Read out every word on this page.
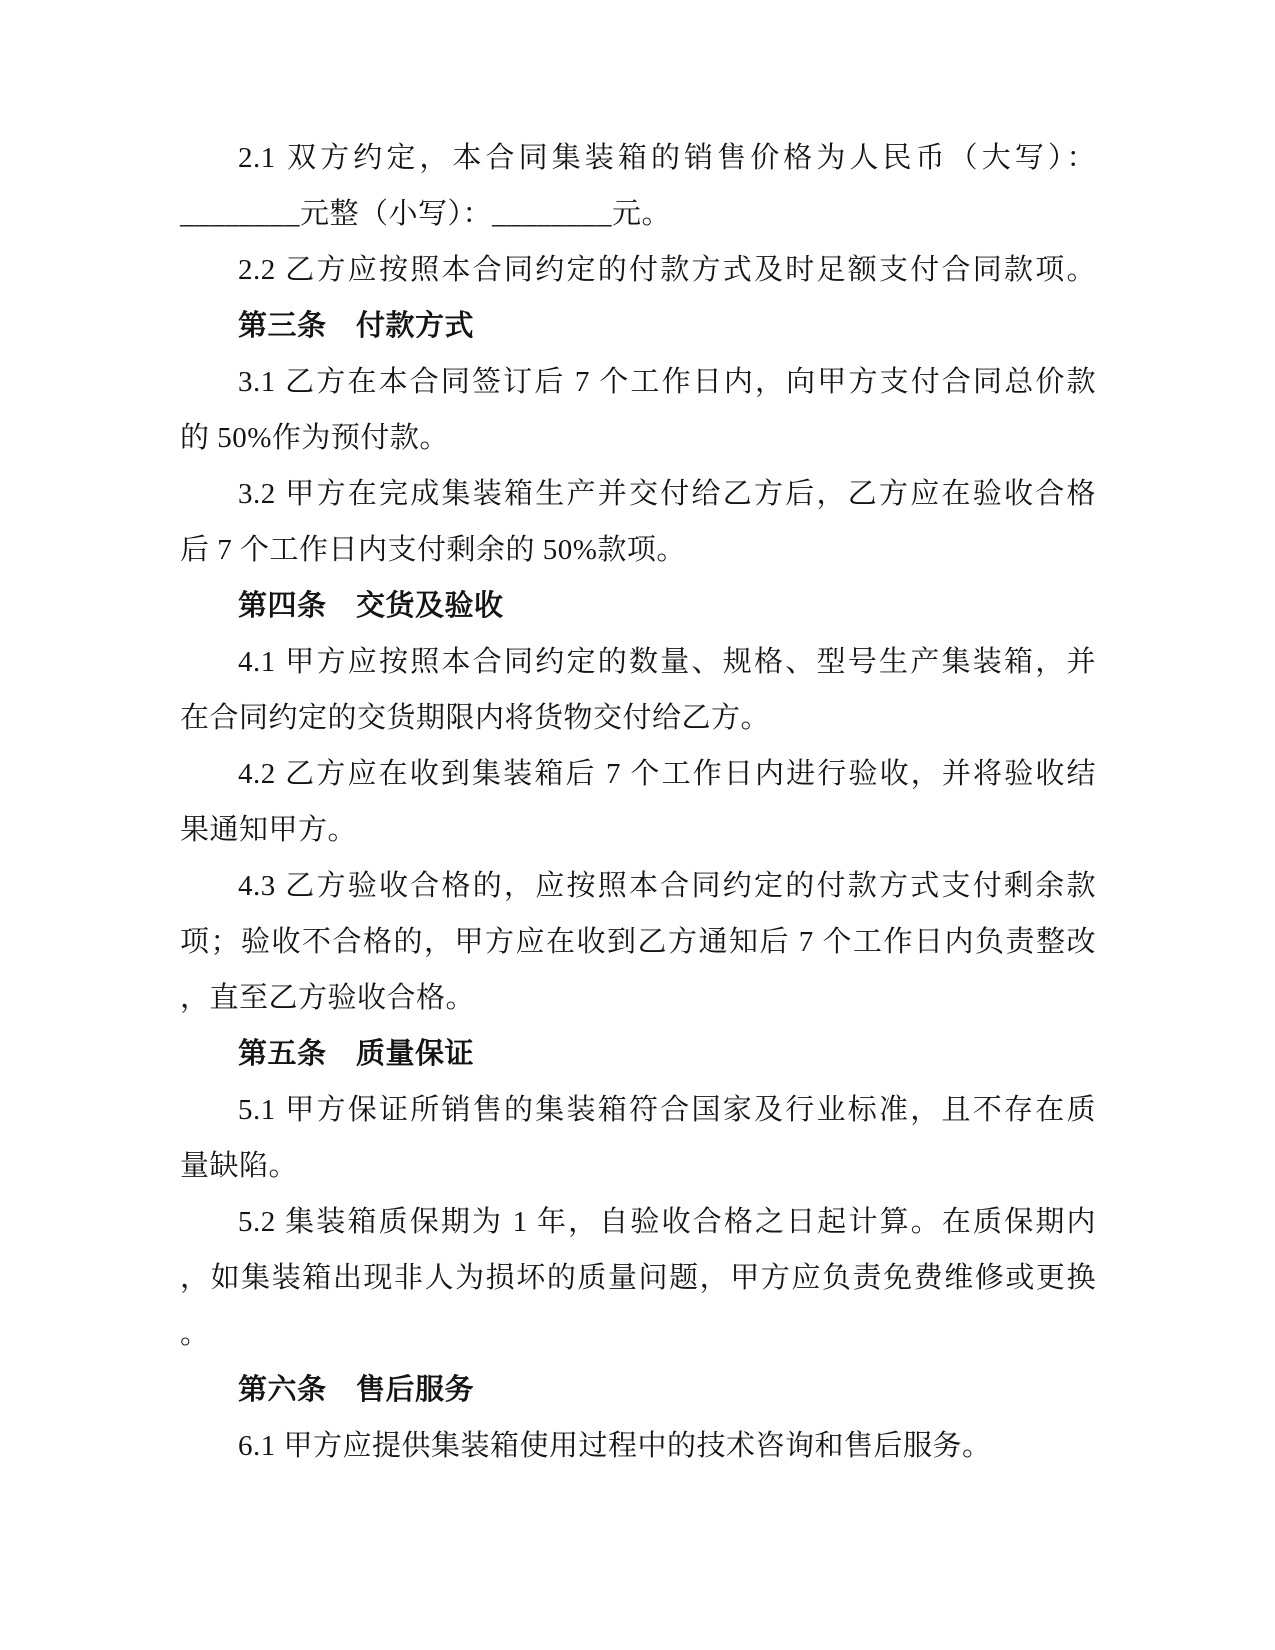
2.1 双方约定，本合同集装箱的销售价格为人民币（大写）：
________元整（小写）：________元。
2.2 乙方应按照本合同约定的付款方式及时足额支付合同款项。
第三条　付款方式
3.1 乙方在本合同签订后 7 个工作日内，向甲方支付合同总价款
的 50%作为预付款。
3.2 甲方在完成集装箱生产并交付给乙方后，乙方应在验收合格
后 7 个工作日内支付剩余的 50%款项。
第四条　交货及验收
4.1 甲方应按照本合同约定的数量、规格、型号生产集装箱，并
在合同约定的交货期限内将货物交付给乙方。
4.2 乙方应在收到集装箱后 7 个工作日内进行验收，并将验收结
果通知甲方。
4.3 乙方验收合格的，应按照本合同约定的付款方式支付剩余款
项；验收不合格的，甲方应在收到乙方通知后 7 个工作日内负责整改
，直至乙方验收合格。
第五条　质量保证
5.1 甲方保证所销售的集装箱符合国家及行业标准，且不存在质
量缺陷。
5.2 集装箱质保期为 1 年，自验收合格之日起计算。在质保期内
，如集装箱出现非人为损坏的质量问题，甲方应负责免费维修或更换
。
第六条　售后服务
6.1 甲方应提供集装箱使用过程中的技术咨询和售后服务。
